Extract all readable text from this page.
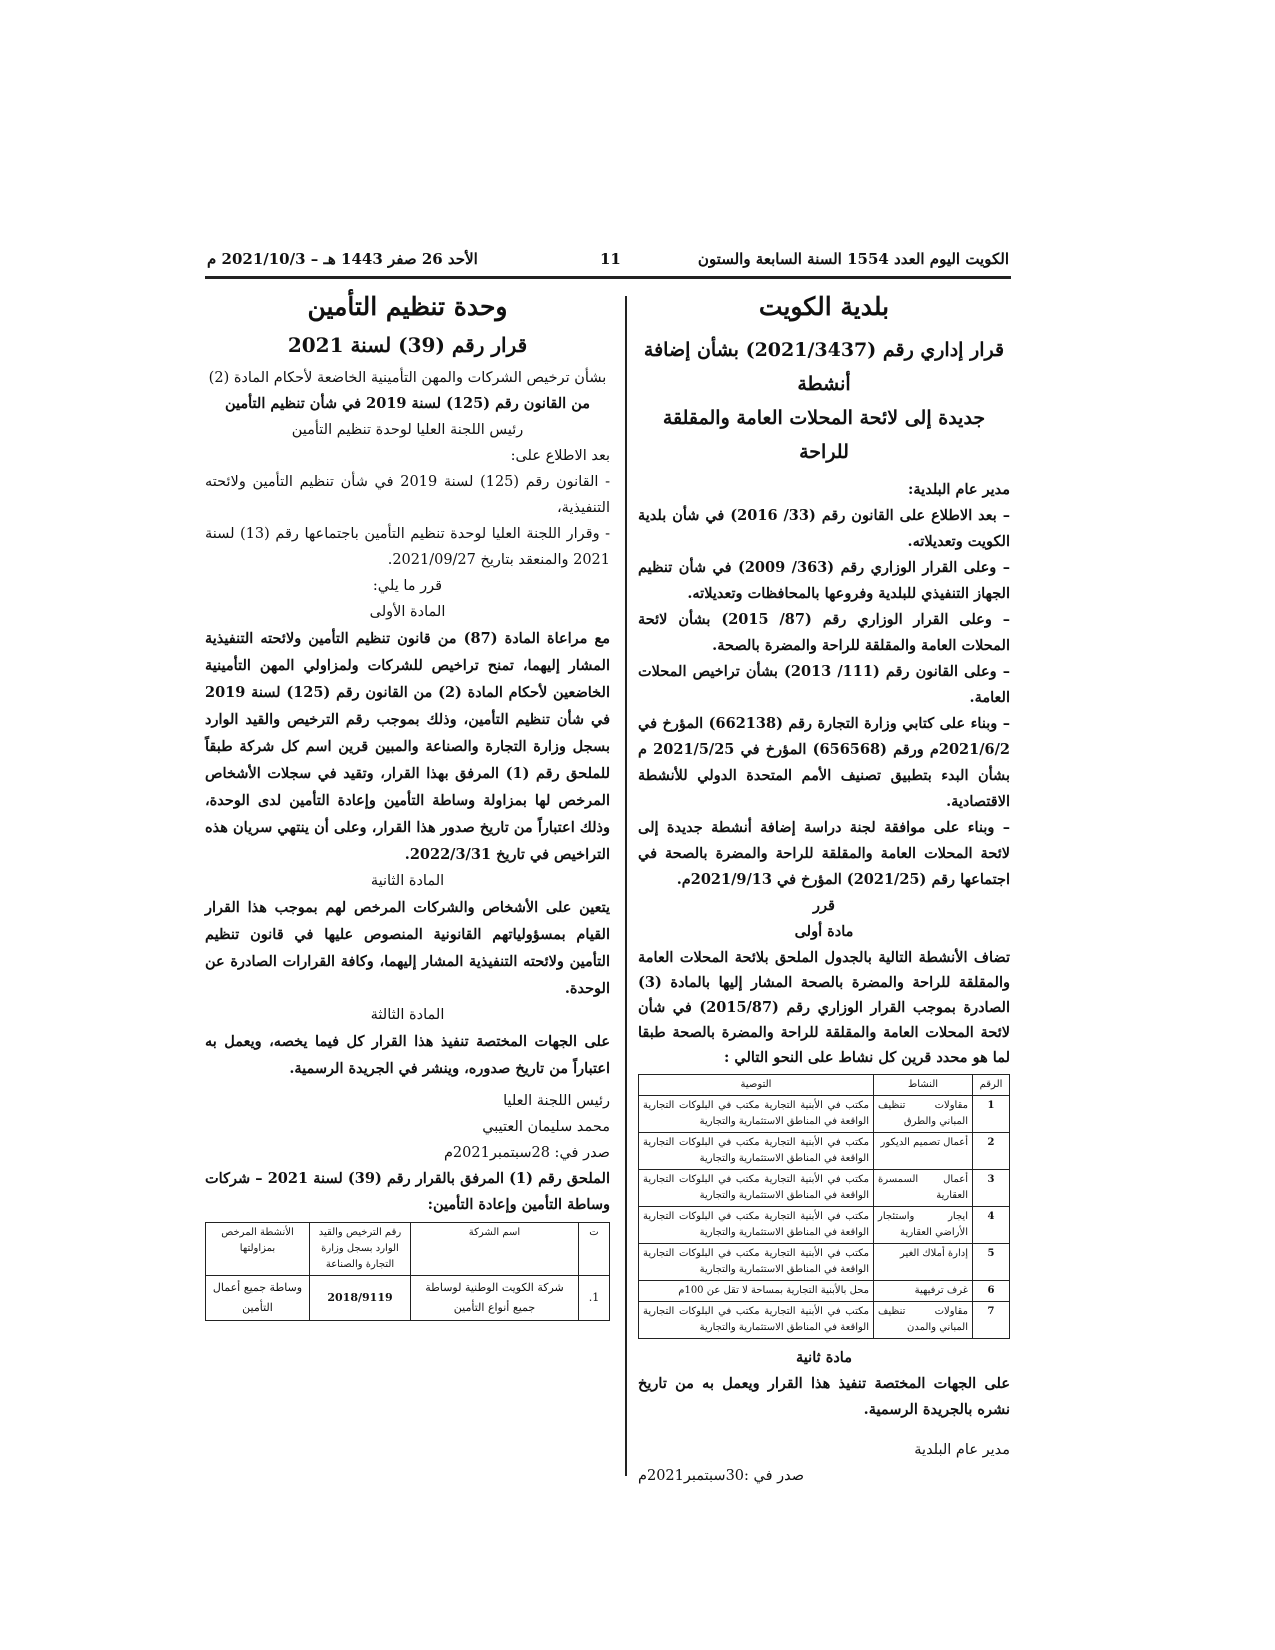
الكويت اليوم العدد 1554 السنة السابعة والستون
11
الأحد 26 صفر 1443 هـ – 2021/10/3 م
بلدية الكويت
قرار إداري رقم (2021/3437) بشأن إضافة أنشطة
جديدة إلى لائحة المحلات العامة والمقلقة للراحة

مدير عام البلدية:

– بعد الاطلاع على القانون رقم (33/ 2016) في شأن بلدية الكويت وتعديلاته.

– وعلى القرار الوزاري رقم (363/ 2009) في شأن تنظيم الجهاز التنفيذي للبلدية وفروعها بالمحافظات وتعديلاته.

– وعلى القرار الوزاري رقم (87/ 2015) بشأن لائحة المحلات العامة والمقلقة للراحة والمضرة بالصحة.

– وعلى القانون رقم (111/ 2013) بشأن تراخيص المحلات العامة.

– وبناء على كتابي وزارة التجارة رقم (662138) المؤرخ في 2021/6/2م ورقم (656568) المؤرخ في 2021/5/25 م بشأن البدء بتطبيق تصنيف الأمم المتحدة الدولي للأنشطة الاقتصادية.

– وبناء على موافقة لجنة دراسة إضافة أنشطة جديدة إلى لائحة المحلات العامة والمقلقة للراحة والمضرة بالصحة في اجتماعها رقم (2021/25) المؤرخ في 2021/9/13م.

قرر

مادة أولى

تضاف الأنشطة التالية بالجدول الملحق بلائحة المحلات العامة والمقلقة للراحة والمضرة بالصحة المشار إليها بالمادة (3) الصادرة بموجب القرار الوزاري رقم (2015/87) في شأن لائحة المحلات العامة والمقلقة للراحة والمضرة بالصحة طبقا لما هو محدد قرين كل نشاط على النحو التالي :

الرقم	النشاط	التوصية
1	مقاولات تنظيف المباني والطرق	مكتب في الأبنية التجارية مكتب في البلوكات التجارية الواقعة في المناطق الاستثمارية والتجارية
2	أعمال تصميم الديكور	مكتب في الأبنية التجارية مكتب في البلوكات التجارية الواقعة في المناطق الاستثمارية والتجارية
3	أعمال السمسرة العقارية	مكتب في الأبنية التجارية مكتب في البلوكات التجارية الواقعة في المناطق الاستثمارية والتجارية
4	ايجار واستئجار الأراضي العقارية	مكتب في الأبنية التجارية مكتب في البلوكات التجارية الواقعة في المناطق الاستثمارية والتجارية
5	إدارة أملاك الغير	مكتب في الأبنية التجارية مكتب في البلوكات التجارية الواقعة في المناطق الاستثمارية والتجارية
6	غرف ترفيهية	محل بالأبنية التجارية بمساحة لا تقل عن 100م
7	مقاولات تنظيف المباني والمدن	مكتب في الأبنية التجارية مكتب في البلوكات التجارية الواقعة في المناطق الاستثمارية والتجارية

مادة ثانية

على الجهات المختصة تنفيذ هذا القرار ويعمل به من تاريخ نشره بالجريدة الرسمية.

مدير عام البلدية

صدر في :30سبتمبر2021م

وحدة تنظيم التأمين
قرار رقم (39) لسنة 2021

بشأن ترخيص الشركات والمهن التأمينية الخاضعة لأحكام المادة (2)

من القانون رقم (125) لسنة 2019 في شأن تنظيم التأمين

رئيس اللجنة العليا لوحدة تنظيم التأمين

بعد الاطلاع على:

- القانون رقم (125) لسنة 2019 في شأن تنظيم التأمين ولائحته التنفيذية،

- وقرار اللجنة العليا لوحدة تنظيم التأمين باجتماعها رقم (13) لسنة 2021 والمنعقد بتاريخ 2021/09/27.

قرر ما يلي:

المادة الأولى

مع مراعاة المادة (87) من قانون تنظيم التأمين ولائحته التنفيذية المشار إليهما، تمنح تراخيص للشركات ولمزاولي المهن التأمينية الخاضعين لأحكام المادة (2) من القانون رقم (125) لسنة 2019 في شأن تنظيم التأمين، وذلك بموجب رقم الترخيص والقيد الوارد بسجل وزارة التجارة والصناعة والمبين قرين اسم كل شركة طبقاً للملحق رقم (1) المرفق بهذا القرار، وتقيد في سجلات الأشخاص المرخص لها بمزاولة وساطة التأمين وإعادة التأمين لدى الوحدة، وذلك اعتباراً من تاريخ صدور هذا القرار، وعلى أن ينتهي سريان هذه التراخيص في تاريخ 2022/3/31.

المادة الثانية

يتعين على الأشخاص والشركات المرخص لهم بموجب هذا القرار القيام بمسؤولياتهم القانونية المنصوص عليها في قانون تنظيم التأمين ولائحته التنفيذية المشار إليهما، وكافة القرارات الصادرة عن الوحدة.

المادة الثالثة

على الجهات المختصة تنفيذ هذا القرار كل فيما يخصه، ويعمل به اعتباراً من تاريخ صدوره، وينشر في الجريدة الرسمية.

رئيس اللجنة العليا

محمد سليمان العتيبي

صدر في: 28سبتمبر2021م

الملحق رقم (1) المرفق بالقرار رقم (39) لسنة 2021 – شركات وساطة التأمين وإعادة التأمين:

ت	اسم الشركة	رقم الترخيص والقيد الوارد بسجل وزارة التجارة والصناعة	الأنشطة المرخص بمزاولتها
1.	شركة الكويت الوطنية لوساطة جميع أنواع التأمين	2018/9119	وساطة جميع أعمال التأمين
